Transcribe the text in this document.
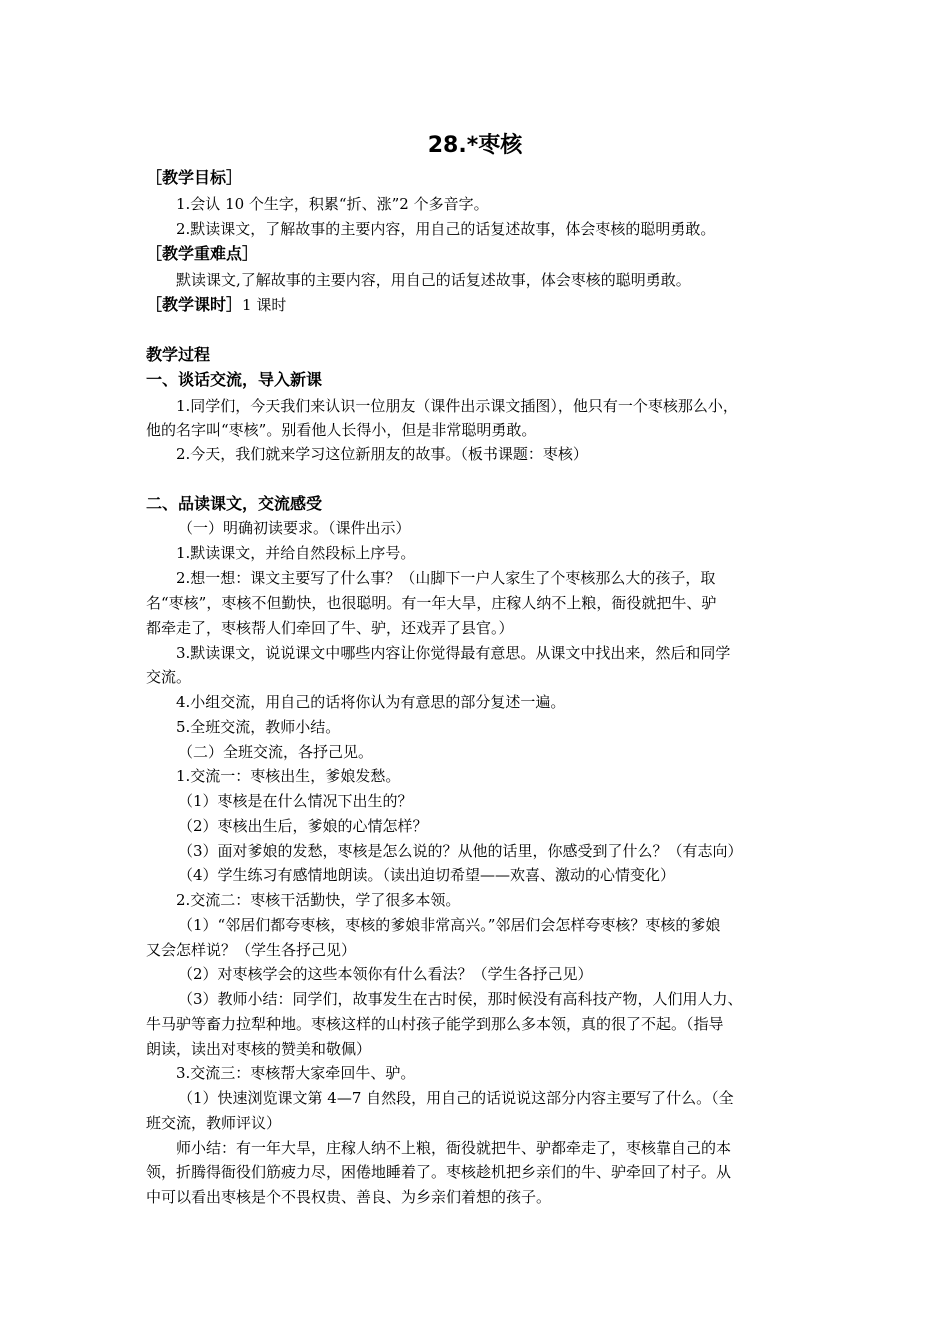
28.*枣核
［教学目标］
1.会认 10 个生字，积累“折、涨”2 个多音字。
2.默读课文，了解故事的主要内容，用自己的话复述故事，体会枣核的聪明勇敢。
［教学重难点］
默读课文,了解故事的主要内容，用自己的话复述故事，体会枣核的聪明勇敢。
［教学课时］1 课时
教学过程
一、谈话交流，导入新课
1.同学们，今天我们来认识一位朋友（课件出示课文插图），他只有一个枣核那么小，
他的名字叫“枣核”。别看他人长得小，但是非常聪明勇敢。
2.今天，我们就来学习这位新朋友的故事。（板书课题：枣核）
二、品读课文，交流感受
（一）明确初读要求。（课件出示）
1.默读课文，并给自然段标上序号。
2.想一想：课文主要写了什么事？（山脚下一户人家生了个枣核那么大的孩子，取
名“枣核”，枣核不但勤快，也很聪明。有一年大旱，庄稼人纳不上粮，衙役就把牛、驴
都牵走了，枣核帮人们牵回了牛、驴，还戏弄了县官。）
3.默读课文，说说课文中哪些内容让你觉得最有意思。从课文中找出来，然后和同学
交流。
4.小组交流，用自己的话将你认为有意思的部分复述一遍。
5.全班交流，教师小结。
（二）全班交流，各抒己见。
1.交流一：枣核出生，爹娘发愁。
（1）枣核是在什么情况下出生的？
（2）枣核出生后，爹娘的心情怎样？
（3）面对爹娘的发愁，枣核是怎么说的？从他的话里，你感受到了什么？（有志向）
（4）学生练习有感情地朗读。（读出迫切希望——欢喜、激动的心情变化）
2.交流二：枣核干活勤快，学了很多本领。
（1）“邻居们都夸枣核，枣核的爹娘非常高兴。”邻居们会怎样夸枣核？枣核的爹娘
又会怎样说？（学生各抒己见）
（2）对枣核学会的这些本领你有什么看法？（学生各抒己见）
（3）教师小结：同学们，故事发生在古时侯，那时候没有高科技产物，人们用人力、
牛马驴等畜力拉犁种地。枣核这样的山村孩子能学到那么多本领，真的很了不起。（指导
朗读，读出对枣核的赞美和敬佩）
3.交流三：枣核帮大家牵回牛、驴。
（1）快速浏览课文第 4—7 自然段，用自己的话说说这部分内容主要写了什么。（全
班交流，教师评议）
师小结：有一年大旱，庄稼人纳不上粮，衙役就把牛、驴都牵走了，枣核靠自己的本
领，折腾得衙役们筋疲力尽，困倦地睡着了。枣核趁机把乡亲们的牛、驴牵回了村子。从
中可以看出枣核是个不畏权贵、善良、为乡亲们着想的孩子。
